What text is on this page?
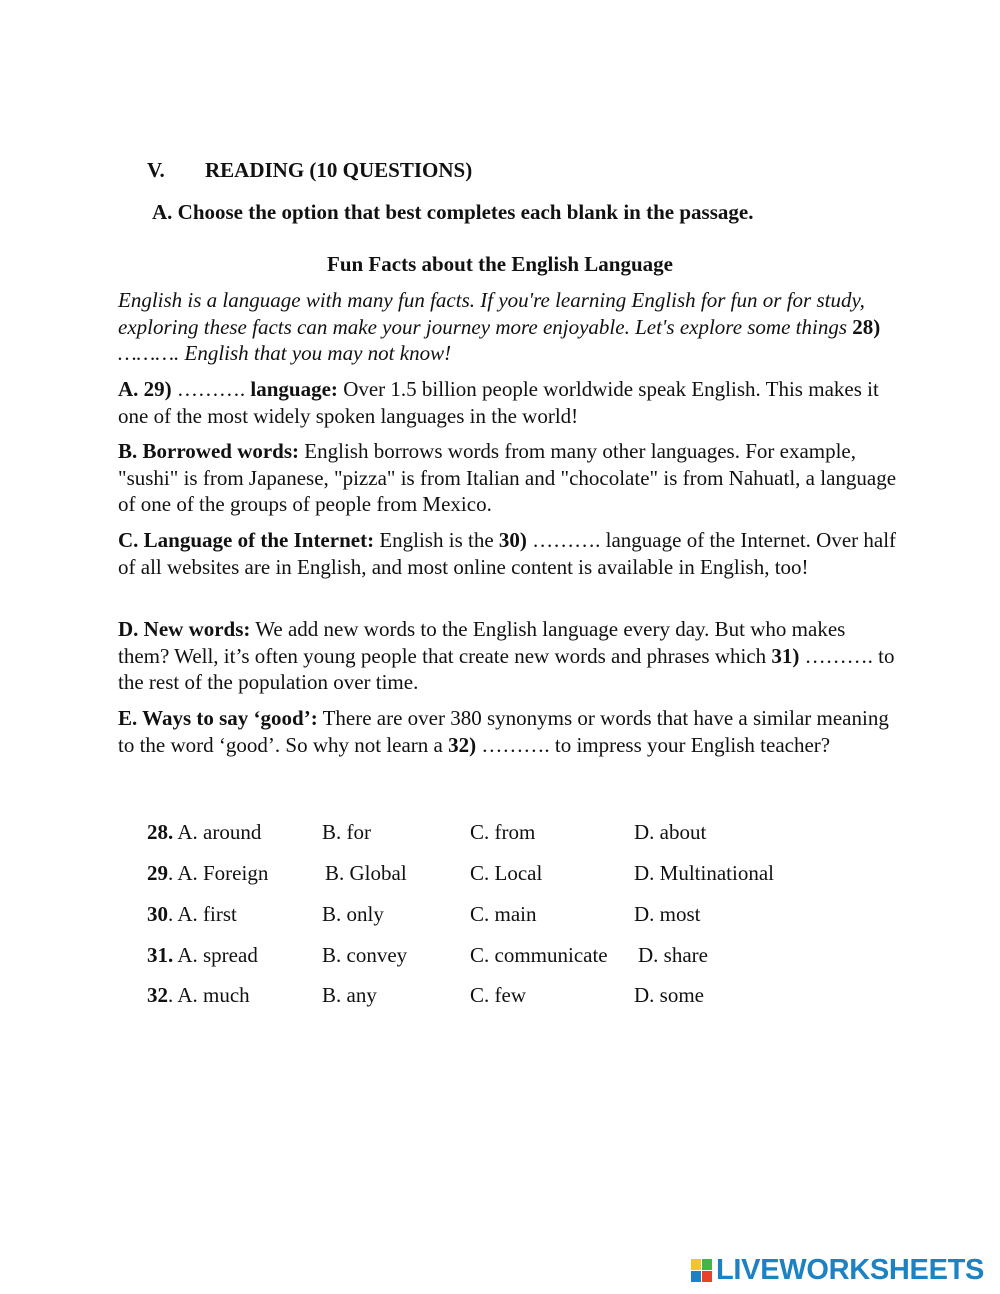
V. READING (10 QUESTIONS)
A. Choose the option that best completes each blank in the passage.
Fun Facts about the English Language
English is a language with many fun facts. If you're learning English for fun or for study, exploring these facts can make your journey more enjoyable. Let's explore some things 28) ………. English that you may not know!
A. 29) ………. language: Over 1.5 billion people worldwide speak English. This makes it one of the most widely spoken languages in the world!
B. Borrowed words: English borrows words from many other languages. For example, "sushi" is from Japanese, "pizza" is from Italian and "chocolate" is from Nahuatl, a language of one of the groups of people from Mexico.
C. Language of the Internet: English is the 30) ………. language of the Internet. Over half of all websites are in English, and most online content is available in English, too!
D. New words: We add new words to the English language every day. But who makes them? Well, it’s often young people that create new words and phrases which 31) ………. to the rest of the population over time.
E. Ways to say ‘good’: There are over 380 synonyms or words that have a similar meaning to the word ‘good’. So why not learn a 32) ………. to impress your English teacher?
28. A. around	B. for	C. from	D. about
29. A. Foreign	B. Global	C. Local	D. Multinational
30. A. first	B. only	C. main	D. most
31. A. spread	B. convey	C. communicate D. share
32. A. much	B. any	C. few	D. some
LIVEWORKSHEETS
